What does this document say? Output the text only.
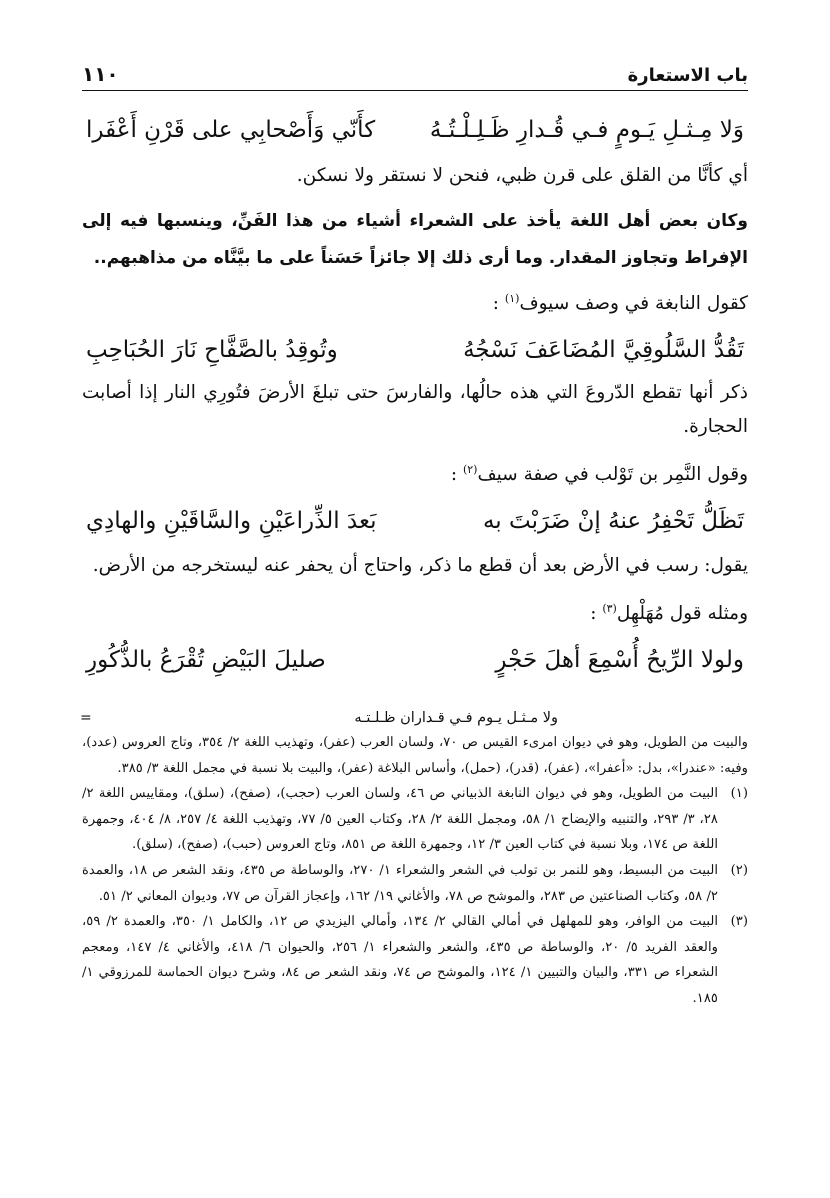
باب الاستعارة
١١٠
وَلا مِـثـلِ يَـومٍ فـي قُـدارِ ظَـلِـلْـتُـهُ
كأَنّي وَأَصْحابِي على قَرْنِ أَعْفَرا

أي كأنَّا من القلق على قرن ظبي، فنحن لا نستقر ولا نسكن.

وكان بعض أهل اللغة يأخذ على الشعراء أشياء من هذا الفَنِّ، وينسبها فيه إلى الإفراط وتجاوز المقدار. وما أرى ذلك إلا جائزاً حَسَناً على ما بيَّنَّاه من مذاهبهم..

كقول النابغة في وصف سيوف$^{(١)}$ :

تَقُدُّ السَّلُوقِيَّ المُضَاعَفَ نَسْجُهُ
وتُوقِدُ بالصَّفَّاحِ نَارَ الحُبَاحِبِ

ذكر أنها تقطع الدّروعَ التي هذه حالُها، والفارسَ حتى تبلغَ الأرضَ فتُورِي النار إذا أصابت الحجارة.

وقول النَّمِر بن تَوْلب في صفة سيف$^{(٢)}$ :

تَظَلُّ تَحْفِرُ عنهُ إنْ ضَرَبْتَ به
بَعدَ الذِّراعَيْنِ والسَّاقَيْنِ والهادِي

يقول: رسب في الأرض بعد أن قطع ما ذكر، واحتاج أن يحفر عنه ليستخرجه من الأرض.

ومثله قول مُهَلْهِل$^{(٣)}$ :

ولولا الرِّيحُ أُسْمِعَ أهلَ حَجْرٍ
صليلَ البَيْضِ تُقْرَعُ بالذُّكُورِ
=	ولا مـثـل يـوم فـي قـداران ظـلـتـه
والبيت من الطويل، وهو في ديوان امرىء القيس ص ٧٠، ولسان العرب (عفر)، وتهذيب اللغة ٢/ ٣٥٤، وتاج العروس (عدد)، وفيه: «عندرا»، بدل: «أعفرا»، (عفر)، (قدر)، (حمل)، وأساس البلاغة (عفر)، والبيت بلا نسبة في مجمل اللغة ٣/ ٣٨٥.
(١)
البيت من الطويل، وهو في ديوان النابغة الذبياني ص ٤٦، ولسان العرب (حجب)، (صفح)، (سلق)، ومقاييس اللغة ٢/ ٢٨، ٣/ ٢٩٣، والتنبيه والإيضاح ١/ ٥٨، ومجمل اللغة ٢/ ٢٨، وكتاب العين ٥/ ٧٧، وتهذيب اللغة ٤/ ٢٥٧، ٨/ ٤٠٤، وجمهرة اللغة ص ١٧٤، وبلا نسبة في كتاب العين ٣/ ١٢، وجمهرة اللغة ص ٨٥١، وتاج العروس (حبب)، (صفح)، (سلق).
(٢)
البيت من البسيط، وهو للنمر بن تولب في الشعر والشعراء ١/ ٢٧٠، والوساطة ص ٤٣٥، ونقد الشعر ص ١٨، والعمدة ٢/ ٥٨، وكتاب الصناعتين ص ٢٨٣، والموشح ص ٧٨، والأغاني ١٩/ ١٦٢، وإعجاز القرآن ص ٧٧، وديوان المعاني ٢/ ٥١.
(٣)
البيت من الوافر، وهو للمهلهل في أمالي القالي ٢/ ١٣٤، وأمالي اليزيدي ص ١٢، والكامل ١/ ٣٥٠، والعمدة ٢/ ٥٩، والعقد الفريد ٥/ ٢٠، والوساطة ص ٤٣٥، والشعر والشعراء ١/ ٢٥٦، والحيوان ٦/ ٤١٨، والأغاني ٤/ ١٤٧، ومعجم الشعراء ص ٣٣١، والبيان والتبيين ١/ ١٢٤، والموشح ص ٧٤، ونقد الشعر ص ٨٤، وشرح ديوان الحماسة للمرزوقي ١/ ١٨٥.
